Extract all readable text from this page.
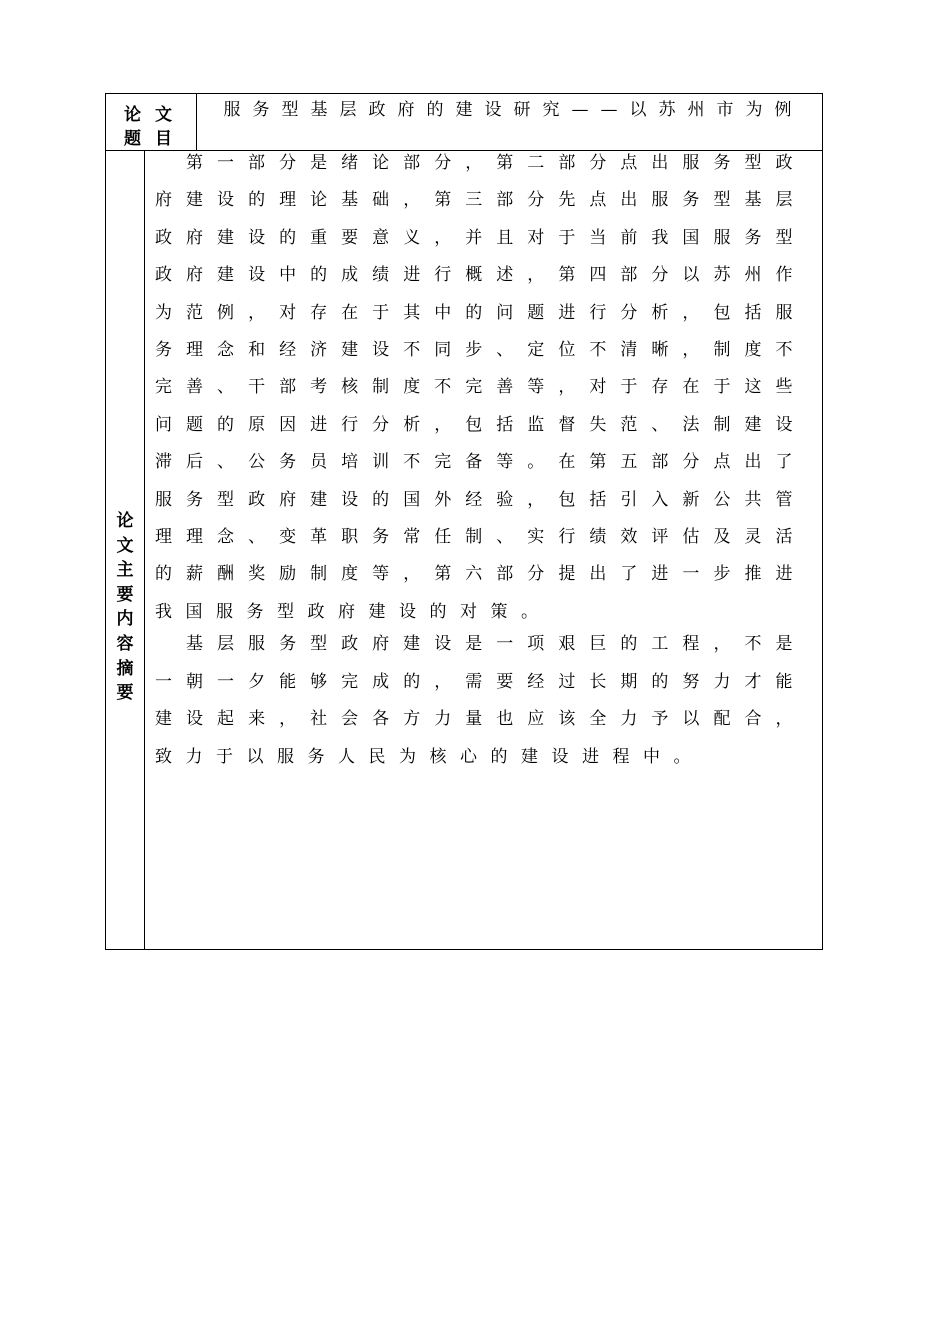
论文
题目
服务型基层政府的建设研究——以苏州市为例
论
文
主
要
内
容
摘
要

第一部分是绪论部分，第二部分点出服务型政府建设的理论基础，第三部分先点出服务型基层政府建设的重要意义，并且对于当前我国服务型政府建设中的成绩进行概述，第四部分以苏州作为范例，对存在于其中的问题进行分析，包括服务理念和经济建设不同步、定位不清晰，制度不完善、干部考核制度不完善等，对于存在于这些问题的原因进行分析，包括监督失范、法制建设滞后、公务员培训不完备等。在第五部分点出了服务型政府建设的国外经验，包括引入新公共管理理念、变革职务常任制、实行绩效评估及灵活的薪酬奖励制度等，第六部分提出了进一步推进我国服务型政府建设的对策。

基层服务型政府建设是一项艰巨的工程，不是一朝一夕能够完成的，需要经过长期的努力才能建设起来，社会各方力量也应该全力予以配合，致力于以服务人民为核心的建设进程中。
